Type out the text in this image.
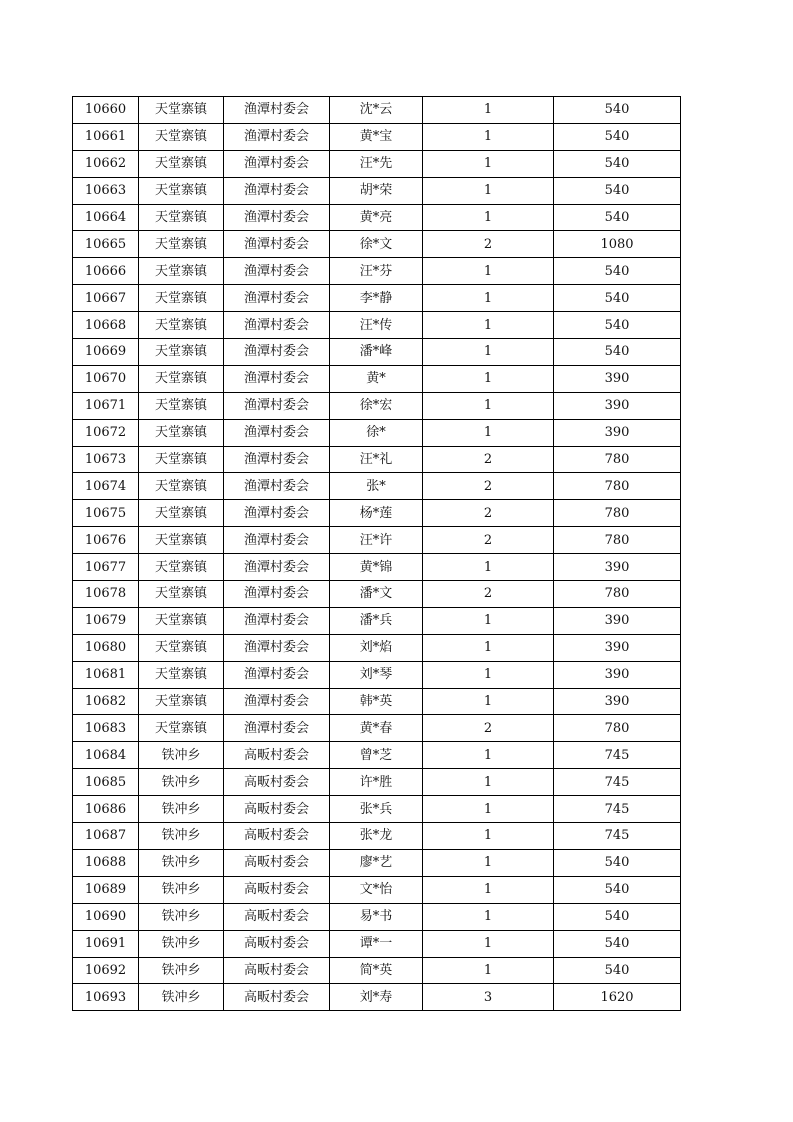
10660	天堂寨镇	渔潭村委会	沈*云	1	540
10661	天堂寨镇	渔潭村委会	黄*宝	1	540
10662	天堂寨镇	渔潭村委会	汪*先	1	540
10663	天堂寨镇	渔潭村委会	胡*荣	1	540
10664	天堂寨镇	渔潭村委会	黄*亮	1	540
10665	天堂寨镇	渔潭村委会	徐*文	2	1080
10666	天堂寨镇	渔潭村委会	汪*芬	1	540
10667	天堂寨镇	渔潭村委会	李*静	1	540
10668	天堂寨镇	渔潭村委会	汪*传	1	540
10669	天堂寨镇	渔潭村委会	潘*峰	1	540
10670	天堂寨镇	渔潭村委会	黄*	1	390
10671	天堂寨镇	渔潭村委会	徐*宏	1	390
10672	天堂寨镇	渔潭村委会	徐*	1	390
10673	天堂寨镇	渔潭村委会	汪*礼	2	780
10674	天堂寨镇	渔潭村委会	张*	2	780
10675	天堂寨镇	渔潭村委会	杨*莲	2	780
10676	天堂寨镇	渔潭村委会	汪*许	2	780
10677	天堂寨镇	渔潭村委会	黄*锦	1	390
10678	天堂寨镇	渔潭村委会	潘*文	2	780
10679	天堂寨镇	渔潭村委会	潘*兵	1	390
10680	天堂寨镇	渔潭村委会	刘*焰	1	390
10681	天堂寨镇	渔潭村委会	刘*琴	1	390
10682	天堂寨镇	渔潭村委会	韩*英	1	390
10683	天堂寨镇	渔潭村委会	黄*春	2	780
10684	铁冲乡	高畈村委会	曾*芝	1	745
10685	铁冲乡	高畈村委会	许*胜	1	745
10686	铁冲乡	高畈村委会	张*兵	1	745
10687	铁冲乡	高畈村委会	张*龙	1	745
10688	铁冲乡	高畈村委会	廖*艺	1	540
10689	铁冲乡	高畈村委会	文*怡	1	540
10690	铁冲乡	高畈村委会	易*书	1	540
10691	铁冲乡	高畈村委会	谭*一	1	540
10692	铁冲乡	高畈村委会	简*英	1	540
10693	铁冲乡	高畈村委会	刘*寿	3	1620
